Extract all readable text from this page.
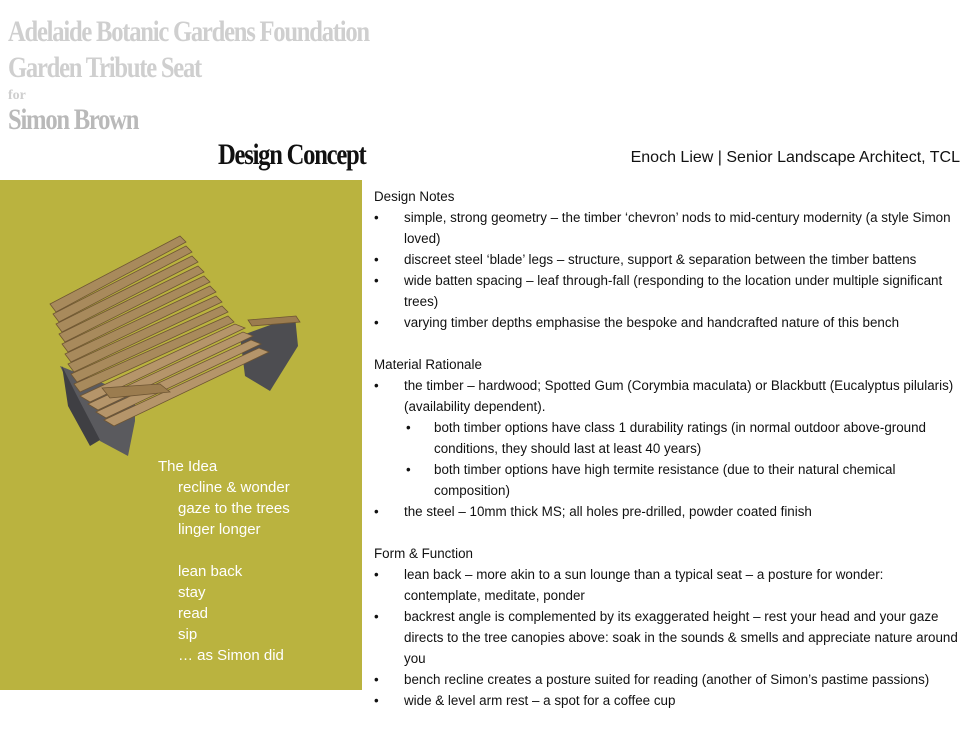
Adelaide Botanic Gardens Foundation
Garden Tribute Seat
for
Simon Brown
Design Concept	Enoch Liew | Senior Landscape Architect, TCL
The Idea
recline & wonder
gaze to the trees
linger longer
lean back
stay
read
sip
… as Simon did
Design Notes
• simple, strong geometry – the timber ‘chevron’ nods to mid-century modernity (a style Simon loved)
• discreet steel ‘blade’ legs – structure, support & separation between the timber battens
• wide batten spacing – leaf through-fall (responding to the location under multiple significant trees)
• varying timber depths emphasise the bespoke and handcrafted nature of this bench
Material Rationale
• the timber – hardwood; Spotted Gum (Corymbia maculata) or Blackbutt (Eucalyptus pilularis) (availability dependent).
• both timber options have class 1 durability ratings (in normal outdoor above-ground conditions, they should last at least 40 years)
• both timber options have high termite resistance (due to their natural chemical composition)
• the steel – 10mm thick MS; all holes pre-drilled, powder coated finish
Form & Function
• lean back – more akin to a sun lounge than a typical seat – a posture for wonder: contemplate, meditate, ponder
• backrest angle is complemented by its exaggerated height – rest your head and your gaze directs to the tree canopies above: soak in the sounds & smells and appreciate nature around you
• bench recline creates a posture suited for reading (another of Simon’s pastime passions)
• wide & level arm rest – a spot for a coffee cup
